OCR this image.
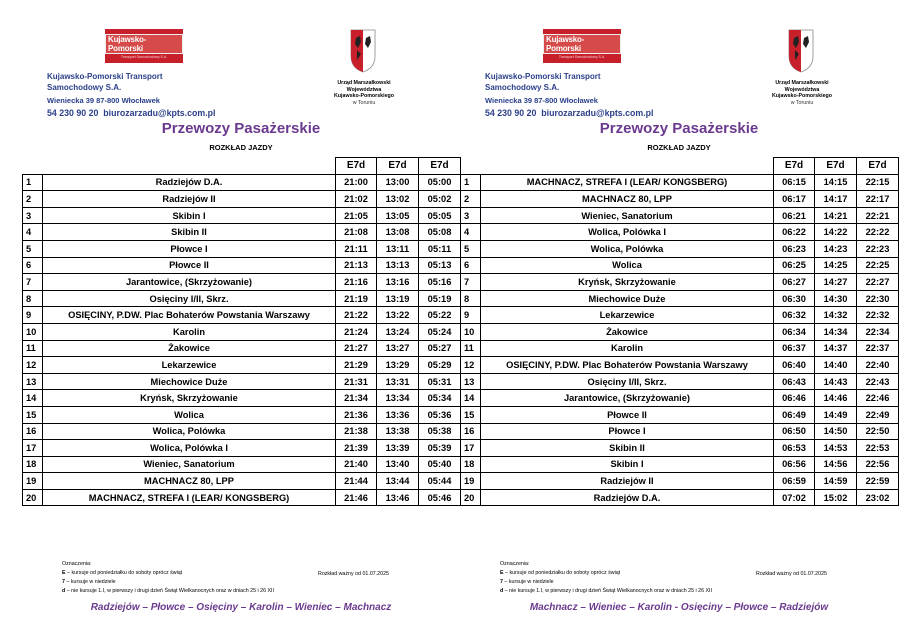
Kujawsko-Pomorski
Transport Samochodowy S.A.
Kujawsko-Pomorski Transport
Samochodowy S.A.
Wieniecka 39 87-800 Włocławek
54 230 90 20 biurozarzadu@kpts.com.pl
Urząd Marszałkowski
Województwa
Kujawsko-Pomorskiego
w Toruniu
Przewozy Pasażerskie
ROZKŁAD JAZDY
		E7d	E7d	E7d
1	Radziejów D.A.	21:00	13:00	05:00
2	Radziejów II	21:02	13:02	05:02
3	Skibin I	21:05	13:05	05:05
4	Skibin II	21:08	13:08	05:08
5	Płowce I	21:11	13:11	05:11
6	Płowce II	21:13	13:13	05:13
7	Jarantowice, (Skrzyżowanie)	21:16	13:16	05:16
8	Osięciny I/II, Skrz.	21:19	13:19	05:19
9	OSIĘCINY, P.DW. Plac Bohaterów Powstania Warszawy	21:22	13:22	05:22
10	Karolin	21:24	13:24	05:24
11	Żakowice	21:27	13:27	05:27
12	Lekarzewice	21:29	13:29	05:29
13	Miechowice Duże	21:31	13:31	05:31
14	Kryńsk, Skrzyżowanie	21:34	13:34	05:34
15	Wolica	21:36	13:36	05:36
16	Wolica, Polówka	21:38	13:38	05:38
17	Wolica, Polówka I	21:39	13:39	05:39
18	Wieniec, Sanatorium	21:40	13:40	05:40
19	MACHNACZ 80, LPP	21:44	13:44	05:44
20	MACHNACZ, STREFA I (LEAR/ KONGSBERG)	21:46	13:46	05:46
Oznaczenia:
E – kursuje od poniedziałku do soboty oprócz świąt
7 – kursuje w niedziele
d – nie kursuje 1.I, w pierwszy i drugi dzień Świąt Wielkanocnych oraz w dniach 25 i 26 XII
Rozkład ważny od 01.07.2025
Radziejów – Płowce – Osięciny – Karolin – Wieniec – Machnacz
Kujawsko-Pomorski
Transport Samochodowy S.A.
Kujawsko-Pomorski Transport
Samochodowy S.A.
Wieniecka 39 87-800 Włocławek
54 230 90 20 biurozarzadu@kpts.com.pl
Urząd Marszałkowski
Województwa
Kujawsko-Pomorskiego
w Toruniu
Przewozy Pasażerskie
ROZKŁAD JAZDY
		E7d	E7d	E7d
1	MACHNACZ, STREFA I (LEAR/ KONGSBERG)	06:15	14:15	22:15
2	MACHNACZ 80, LPP	06:17	14:17	22:17
3	Wieniec, Sanatorium	06:21	14:21	22:21
4	Wolica, Polówka I	06:22	14:22	22:22
5	Wolica, Polówka	06:23	14:23	22:23
6	Wolica	06:25	14:25	22:25
7	Kryńsk, Skrzyżowanie	06:27	14:27	22:27
8	Miechowice Duże	06:30	14:30	22:30
9	Lekarzewice	06:32	14:32	22:32
10	Żakowice	06:34	14:34	22:34
11	Karolin	06:37	14:37	22:37
12	OSIĘCINY, P.DW. Plac Bohaterów Powstania Warszawy	06:40	14:40	22:40
13	Osięciny I/II, Skrz.	06:43	14:43	22:43
14	Jarantowice, (Skrzyżowanie)	06:46	14:46	22:46
15	Płowce II	06:49	14:49	22:49
16	Płowce I	06:50	14:50	22:50
17	Skibin II	06:53	14:53	22:53
18	Skibin I	06:56	14:56	22:56
19	Radziejów II	06:59	14:59	22:59
20	Radziejów D.A.	07:02	15:02	23:02
Oznaczenia:
E – kursuje od poniedziałku do soboty oprócz świąt
7 – kursuje w niedziele
d – nie kursuje 1.I, w pierwszy i drugi dzień Świąt Wielkanocnych oraz w dniach 25 i 26 XII
Rozkład ważny od 01.07.2025
Machnacz – Wieniec – Karolin - Osięciny – Płowce – Radziejów
